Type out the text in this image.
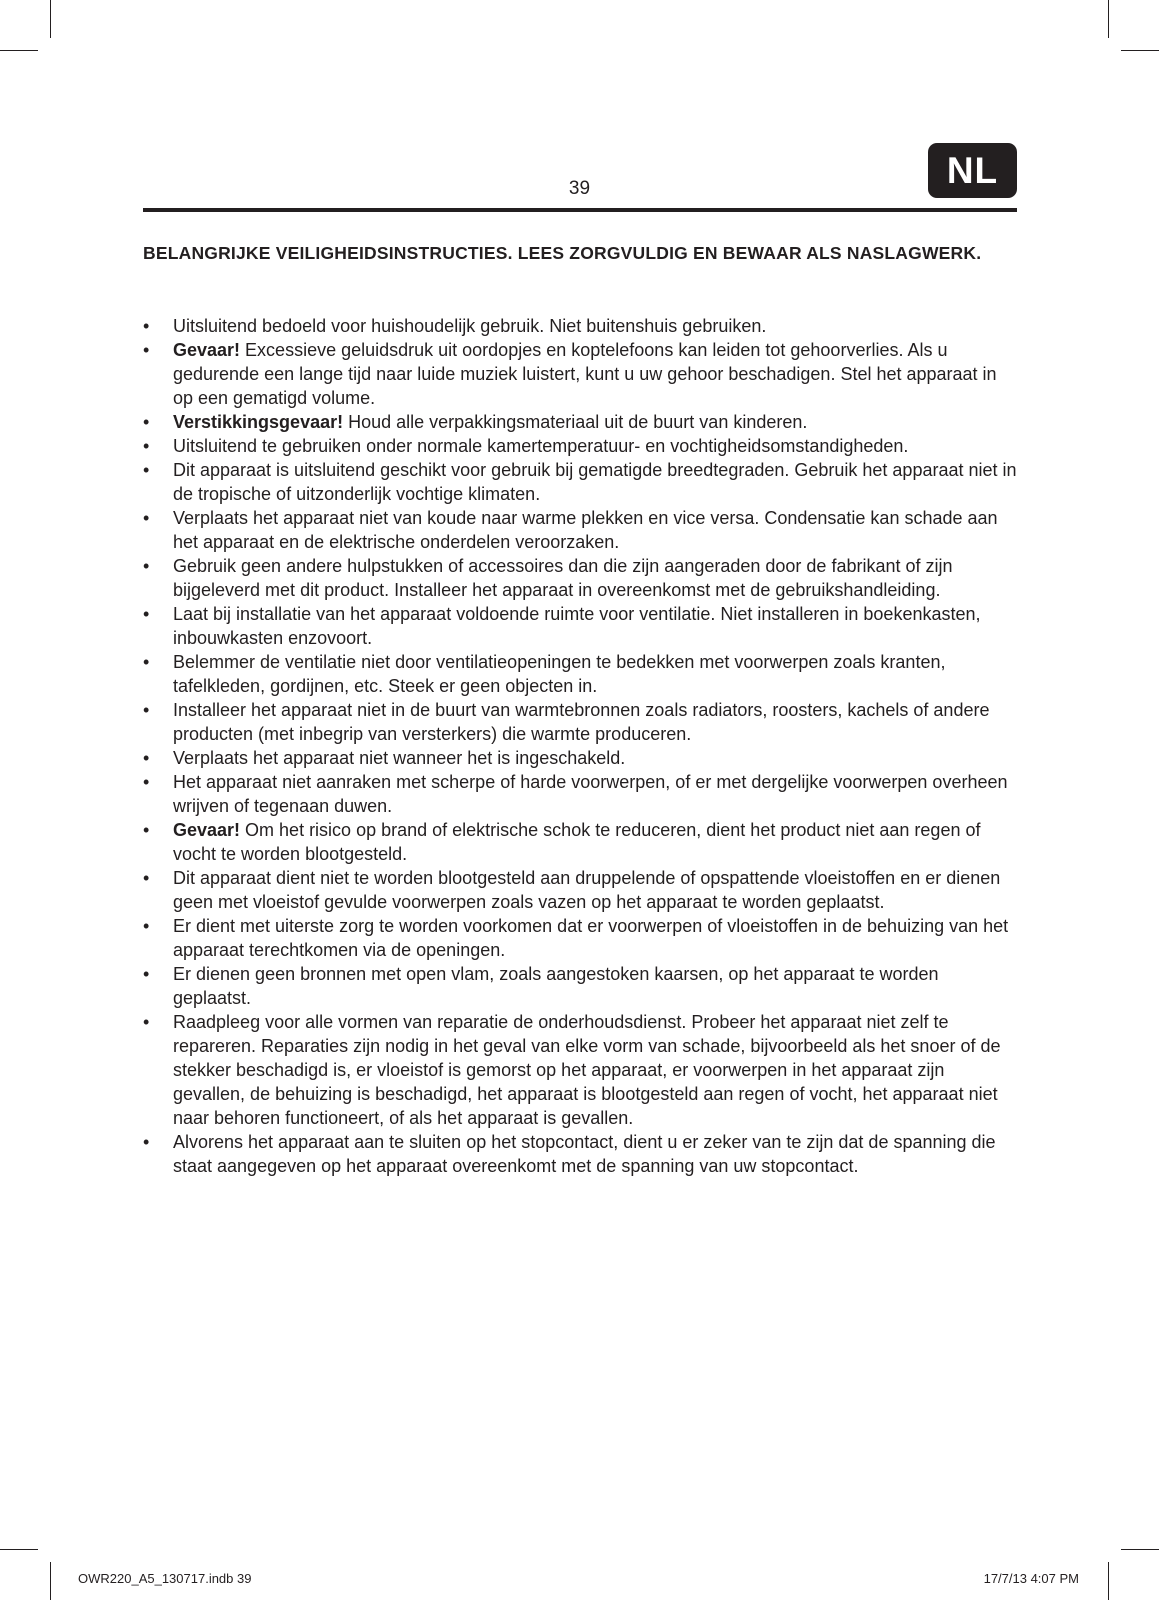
39	NL
BELANGRIJKE VEILIGHEIDSINSTRUCTIES. LEES ZORGVULDIG EN BEWAAR ALS NASLAGWERK.
•	Uitsluitend bedoeld voor huishoudelijk gebruik. Niet buitenshuis gebruiken.
•	Gevaar! Excessieve geluidsdruk uit oordopjes en koptelefoons kan leiden tot gehoorverlies. Als u gedurende een lange tijd naar luide muziek luistert, kunt u uw gehoor beschadigen. Stel het apparaat in op een gematigd volume.
•	Verstikkingsgevaar! Houd alle verpakkingsmateriaal uit de buurt van kinderen.
•	Uitsluitend te gebruiken onder normale kamertemperatuur- en vochtigheidsomstandigheden.
•	Dit apparaat is uitsluitend geschikt voor gebruik bij gematigde breedtegraden. Gebruik het apparaat niet in de tropische of uitzonderlijk vochtige klimaten.
•	Verplaats het apparaat niet van koude naar warme plekken en vice versa. Condensatie kan schade aan het apparaat en de elektrische onderdelen veroorzaken.
•	Gebruik geen andere hulpstukken of accessoires dan die zijn aangeraden door de fabrikant of zijn bijgeleverd met dit product. Installeer het apparaat in overeenkomst met de gebruikshandleiding.
•	Laat bij installatie van het apparaat voldoende ruimte voor ventilatie. Niet installeren in boekenkasten, inbouwkasten enzovoort.
•	Belemmer de ventilatie niet door ventilatieopeningen te bedekken met voorwerpen zoals kranten, tafelkleden, gordijnen, etc. Steek er geen objecten in.
•	Installeer het apparaat niet in de buurt van warmtebronnen zoals radiators, roosters, kachels of andere producten (met inbegrip van versterkers) die warmte produceren.
•	Verplaats het apparaat niet wanneer het is ingeschakeld.
•	Het apparaat niet aanraken met scherpe of harde voorwerpen, of er met dergelijke voorwerpen overheen wrijven of tegenaan duwen.
•	Gevaar! Om het risico op brand of elektrische schok te reduceren, dient het product niet aan regen of vocht te worden blootgesteld.
•	Dit apparaat dient niet te worden blootgesteld aan druppelende of opspattende vloeistoffen en er dienen geen met vloeistof gevulde voorwerpen zoals vazen op het apparaat te worden geplaatst.
•	Er dient met uiterste zorg te worden voorkomen dat er voorwerpen of vloeistoffen in de behuizing van het apparaat terechtkomen via de openingen.
•	Er dienen geen bronnen met open vlam, zoals aangestoken kaarsen, op het apparaat te worden geplaatst.
•	Raadpleeg voor alle vormen van reparatie de onderhoudsdienst. Probeer het apparaat niet zelf te repareren. Reparaties zijn nodig in het geval van elke vorm van schade, bijvoorbeeld als het snoer of de stekker beschadigd is, er vloeistof is gemorst op het apparaat, er voorwerpen in het apparaat zijn gevallen, de behuizing is beschadigd, het apparaat is blootgesteld aan regen of vocht, het apparaat niet naar behoren functioneert, of als het apparaat is gevallen.
•	Alvorens het apparaat aan te sluiten op het stopcontact, dient u er zeker van te zijn dat de spanning die staat aangegeven op het apparaat overeenkomt met de spanning van uw stopcontact.
OWR220_A5_130717.indb 39	17/7/13 4:07 PM
